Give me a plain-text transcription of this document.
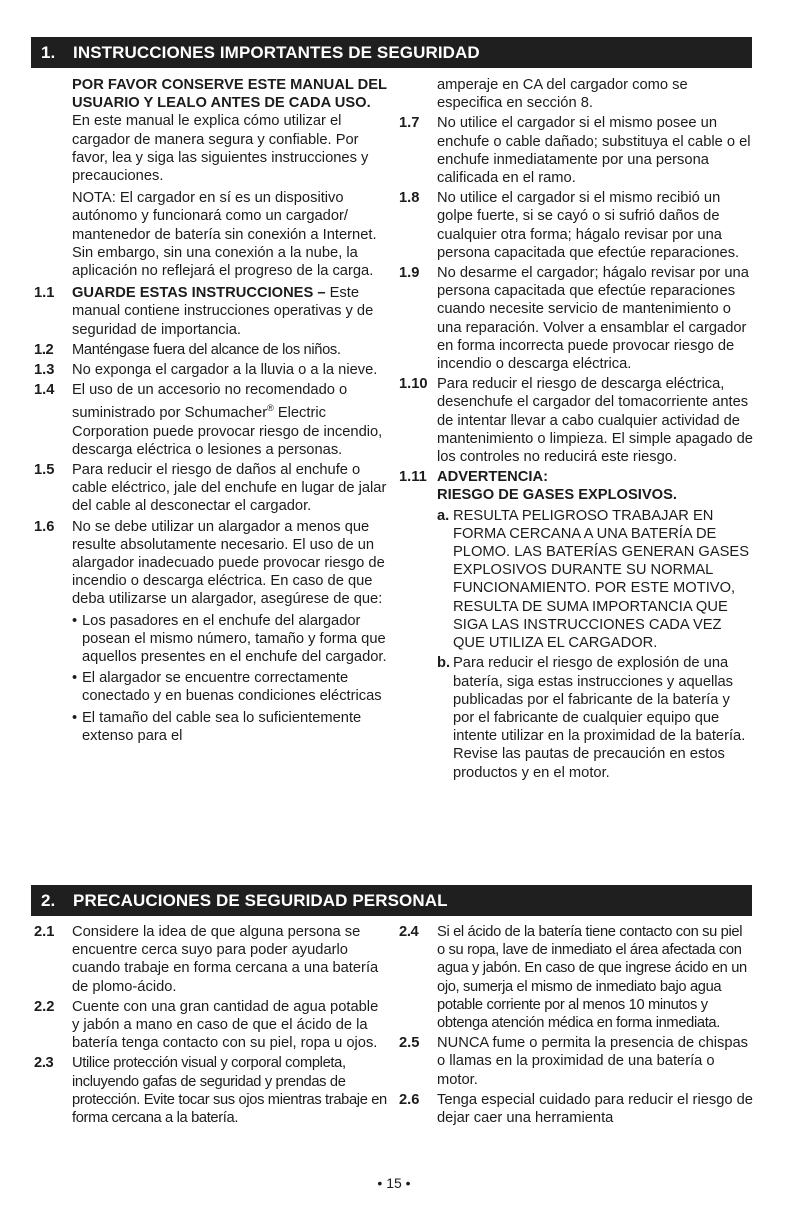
1. INSTRUCCIONES IMPORTANTES DE SEGURIDAD
POR FAVOR CONSERVE ESTE MANUAL DEL USUARIO Y LEALO ANTES DE CADA USO. En este manual le explica cómo utilizar el cargador de manera segura y confiable. Por favor, lea y siga las siguientes instrucciones y precauciones.
NOTA: El cargador en sí es un dispositivo autónomo y funcionará como un cargador/ mantenedor de batería sin conexión a Internet. Sin embargo, sin una conexión a la nube, la aplicación no reflejará el progreso de la carga.
1.1 GUARDE ESTAS INSTRUCCIONES – Este manual contiene instrucciones operativas y de seguridad de importancia.
1.2 Manténgase fuera del alcance de los niños.
1.3 No exponga el cargador a la lluvia o a la nieve.
1.4 El uso de un accesorio no recomendado o suministrado por Schumacher® Electric Corporation puede provocar riesgo de incendio, descarga eléctrica o lesiones a personas.
1.5 Para reducir el riesgo de daños al enchufe o cable eléctrico, jale del enchufe en lugar de jalar del cable al desconectar el cargador.
1.6 No se debe utilizar un alargador a menos que resulte absolutamente necesario. El uso de un alargador inadecuado puede provocar riesgo de incendio o descarga eléctrica. En caso de que deba utilizarse un alargador, asegúrese de que:
• Los pasadores en el enchufe del alargador posean el mismo número, tamaño y forma que aquellos presentes en el enchufe del cargador.
• El alargador se encuentre correctamente conectado y en buenas condiciones eléctricas
• El tamaño del cable sea lo suficientemente extenso para el
amperaje en CA del cargador como se especifica en sección 8.
1.7 No utilice el cargador si el mismo posee un enchufe o cable dañado; substituya el cable o el enchufe inmediatamente por una persona calificada en el ramo.
1.8 No utilice el cargador si el mismo recibió un golpe fuerte, si se cayó o si sufrió daños de cualquier otra forma; hágalo revisar por una persona capacitada que efectúe reparaciones.
1.9 No desarme el cargador; hágalo revisar por una persona capacitada que efectúe reparaciones cuando necesite servicio de mantenimiento o una reparación. Volver a ensamblar el cargador en forma incorrecta puede provocar riesgo de incendio o descarga eléctrica.
1.10 Para reducir el riesgo de descarga eléctrica, desenchufe el cargador del tomacorriente antes de intentar llevar a cabo cualquier actividad de mantenimiento o limpieza. El simple apagado de los controles no reducirá este riesgo.
1.11 ADVERTENCIA:
RIESGO DE GASES EXPLOSIVOS.
a. RESULTA PELIGROSO TRABAJAR EN FORMA CERCANA A UNA BATERÍA DE PLOMO. LAS BATERÍAS GENERAN GASES EXPLOSIVOS DURANTE SU NORMAL FUNCIONAMIENTO. POR ESTE MOTIVO, RESULTA DE SUMA IMPORTANCIA QUE SIGA LAS INSTRUCCIONES CADA VEZ QUE UTILIZA EL CARGADOR.
b. Para reducir el riesgo de explosión de una batería, siga estas instrucciones y aquellas publicadas por el fabricante de la batería y por el fabricante de cualquier equipo que intente utilizar en la proximidad de la batería. Revise las pautas de precaución en estos productos y en el motor.
2. PRECAUCIONES DE SEGURIDAD PERSONAL
2.1 Considere la idea de que alguna persona se encuentre cerca suyo para poder ayudarlo cuando trabaje en forma cercana a una batería de plomo-ácido.
2.2 Cuente con una gran cantidad de agua potable y jabón a mano en caso de que el ácido de la batería tenga contacto con su piel, ropa u ojos.
2.3 Utilice protección visual y corporal completa, incluyendo gafas de seguridad y prendas de protección. Evite tocar sus ojos mientras trabaje en forma cercana a la batería.
2.4 Si el ácido de la batería tiene contacto con su piel o su ropa, lave de inmediato el área afectada con agua y jabón. En caso de que ingrese ácido en un ojo, sumerja el mismo de inmediato bajo agua potable corriente por al menos 10 minutos y obtenga atención médica en forma inmediata.
2.5 NUNCA fume o permita la presencia de chispas o llamas en la proximidad de una batería o motor.
2.6 Tenga especial cuidado para reducir el riesgo de dejar caer una herramienta
• 15 •
